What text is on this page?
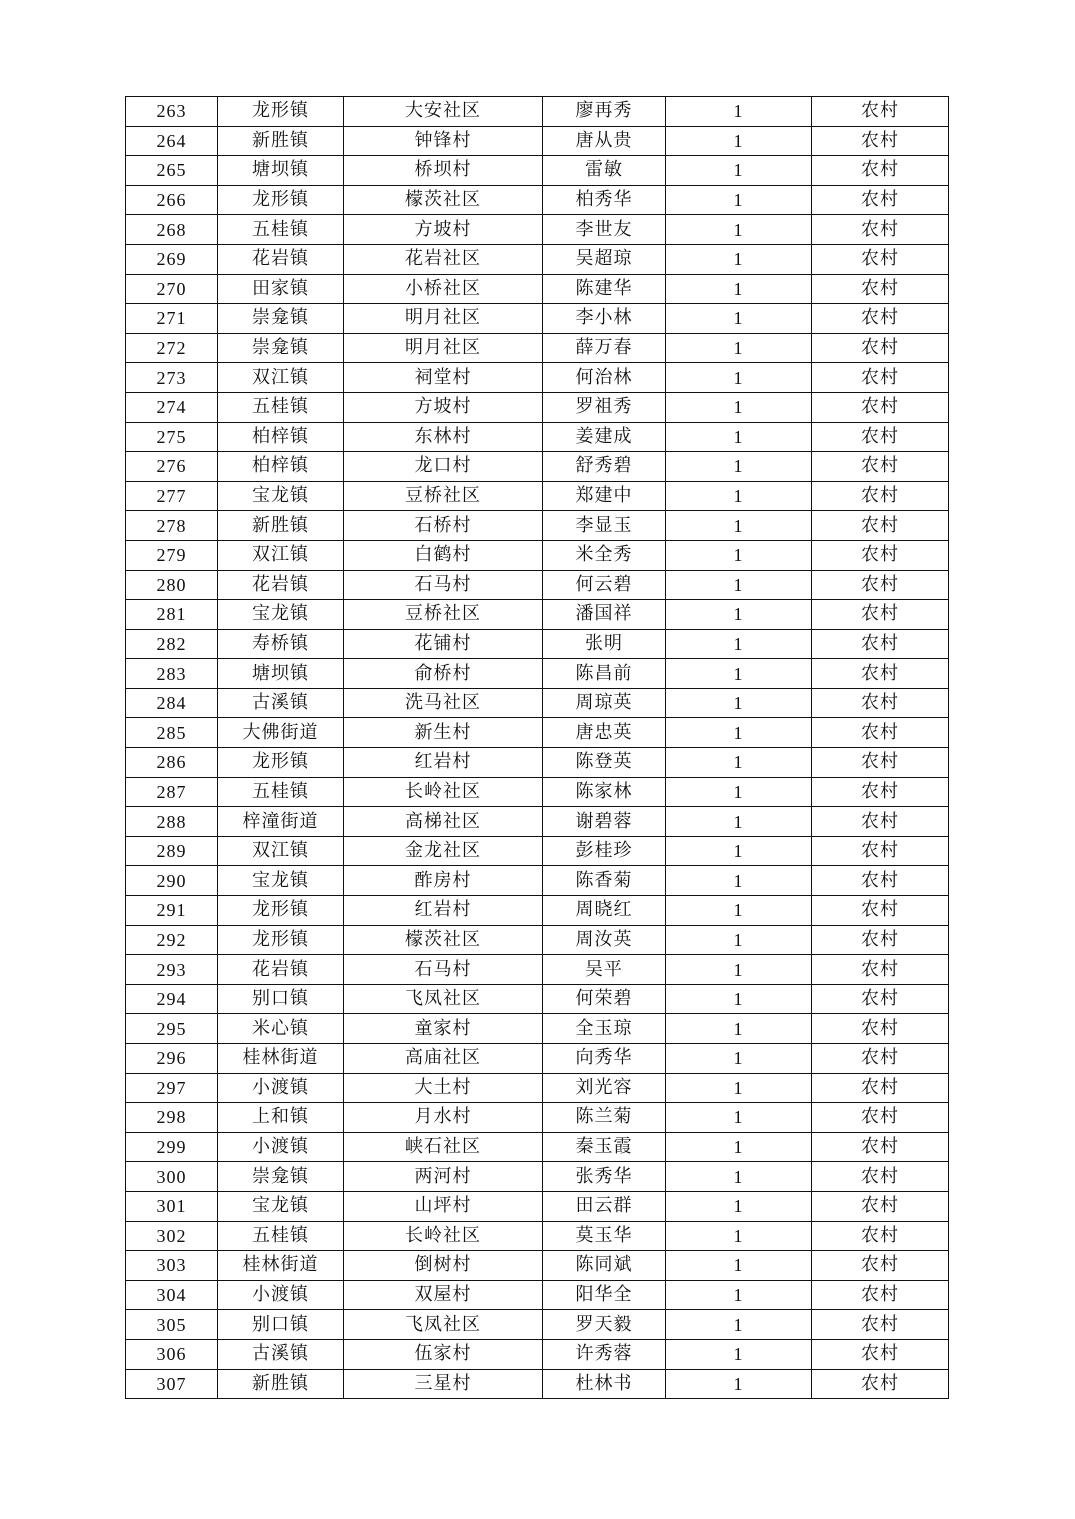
263	龙形镇	大安社区	廖再秀	1	农村
264	新胜镇	钟锋村	唐从贵	1	农村
265	塘坝镇	桥坝村	雷敏	1	农村
266	龙形镇	檬茨社区	柏秀华	1	农村
268	五桂镇	方坡村	李世友	1	农村
269	花岩镇	花岩社区	吴超琼	1	农村
270	田家镇	小桥社区	陈建华	1	农村
271	崇龛镇	明月社区	李小林	1	农村
272	崇龛镇	明月社区	薛万春	1	农村
273	双江镇	祠堂村	何治林	1	农村
274	五桂镇	方坡村	罗祖秀	1	农村
275	柏梓镇	东林村	姜建成	1	农村
276	柏梓镇	龙口村	舒秀碧	1	农村
277	宝龙镇	豆桥社区	郑建中	1	农村
278	新胜镇	石桥村	李显玉	1	农村
279	双江镇	白鹤村	米全秀	1	农村
280	花岩镇	石马村	何云碧	1	农村
281	宝龙镇	豆桥社区	潘国祥	1	农村
282	寿桥镇	花铺村	张明	1	农村
283	塘坝镇	俞桥村	陈昌前	1	农村
284	古溪镇	洗马社区	周琼英	1	农村
285	大佛街道	新生村	唐忠英	1	农村
286	龙形镇	红岩村	陈登英	1	农村
287	五桂镇	长岭社区	陈家林	1	农村
288	梓潼街道	高梯社区	谢碧蓉	1	农村
289	双江镇	金龙社区	彭桂珍	1	农村
290	宝龙镇	酢房村	陈香菊	1	农村
291	龙形镇	红岩村	周晓红	1	农村
292	龙形镇	檬茨社区	周汝英	1	农村
293	花岩镇	石马村	吴平	1	农村
294	别口镇	飞凤社区	何荣碧	1	农村
295	米心镇	童家村	全玉琼	1	农村
296	桂林街道	高庙社区	向秀华	1	农村
297	小渡镇	大土村	刘光容	1	农村
298	上和镇	月水村	陈兰菊	1	农村
299	小渡镇	峡石社区	秦玉霞	1	农村
300	崇龛镇	两河村	张秀华	1	农村
301	宝龙镇	山坪村	田云群	1	农村
302	五桂镇	长岭社区	莫玉华	1	农村
303	桂林街道	倒树村	陈同斌	1	农村
304	小渡镇	双屋村	阳华全	1	农村
305	别口镇	飞凤社区	罗天毅	1	农村
306	古溪镇	伍家村	许秀蓉	1	农村
307	新胜镇	三星村	杜林书	1	农村
